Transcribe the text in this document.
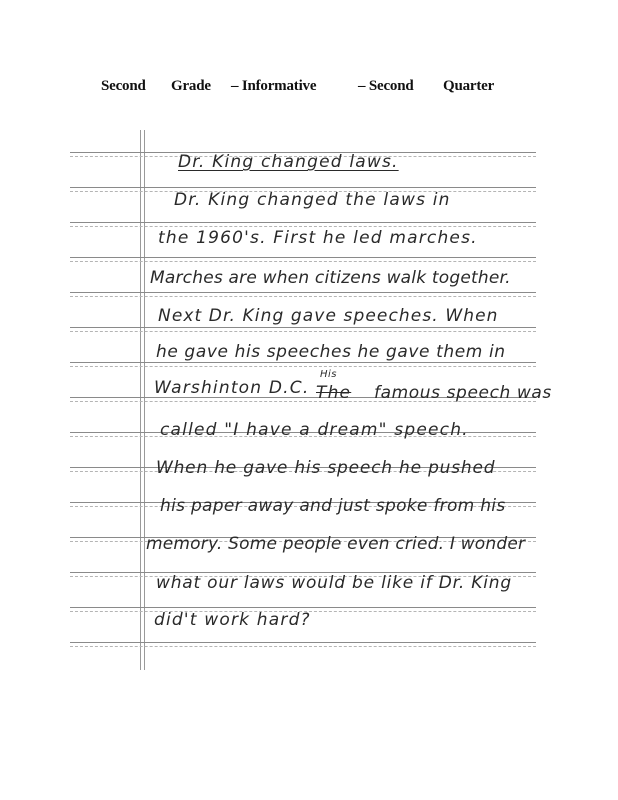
Second Grade – Informative	– Second Quarter
Dr. King changed laws.
Dr. King changed the laws in
the 1960's. First he led marches.
Marches are when citizens walk together.
Next Dr. King gave speeches. When
he gave his speeches he gave them in
Warshinton D.C.
His
The famous speech was
called "I have a dream" speech.
When he gave his speech he pushed
his paper away and just spoke from his
memory. Some people even cried. I wonder
what our laws would be like if Dr. King
did't work hard?
